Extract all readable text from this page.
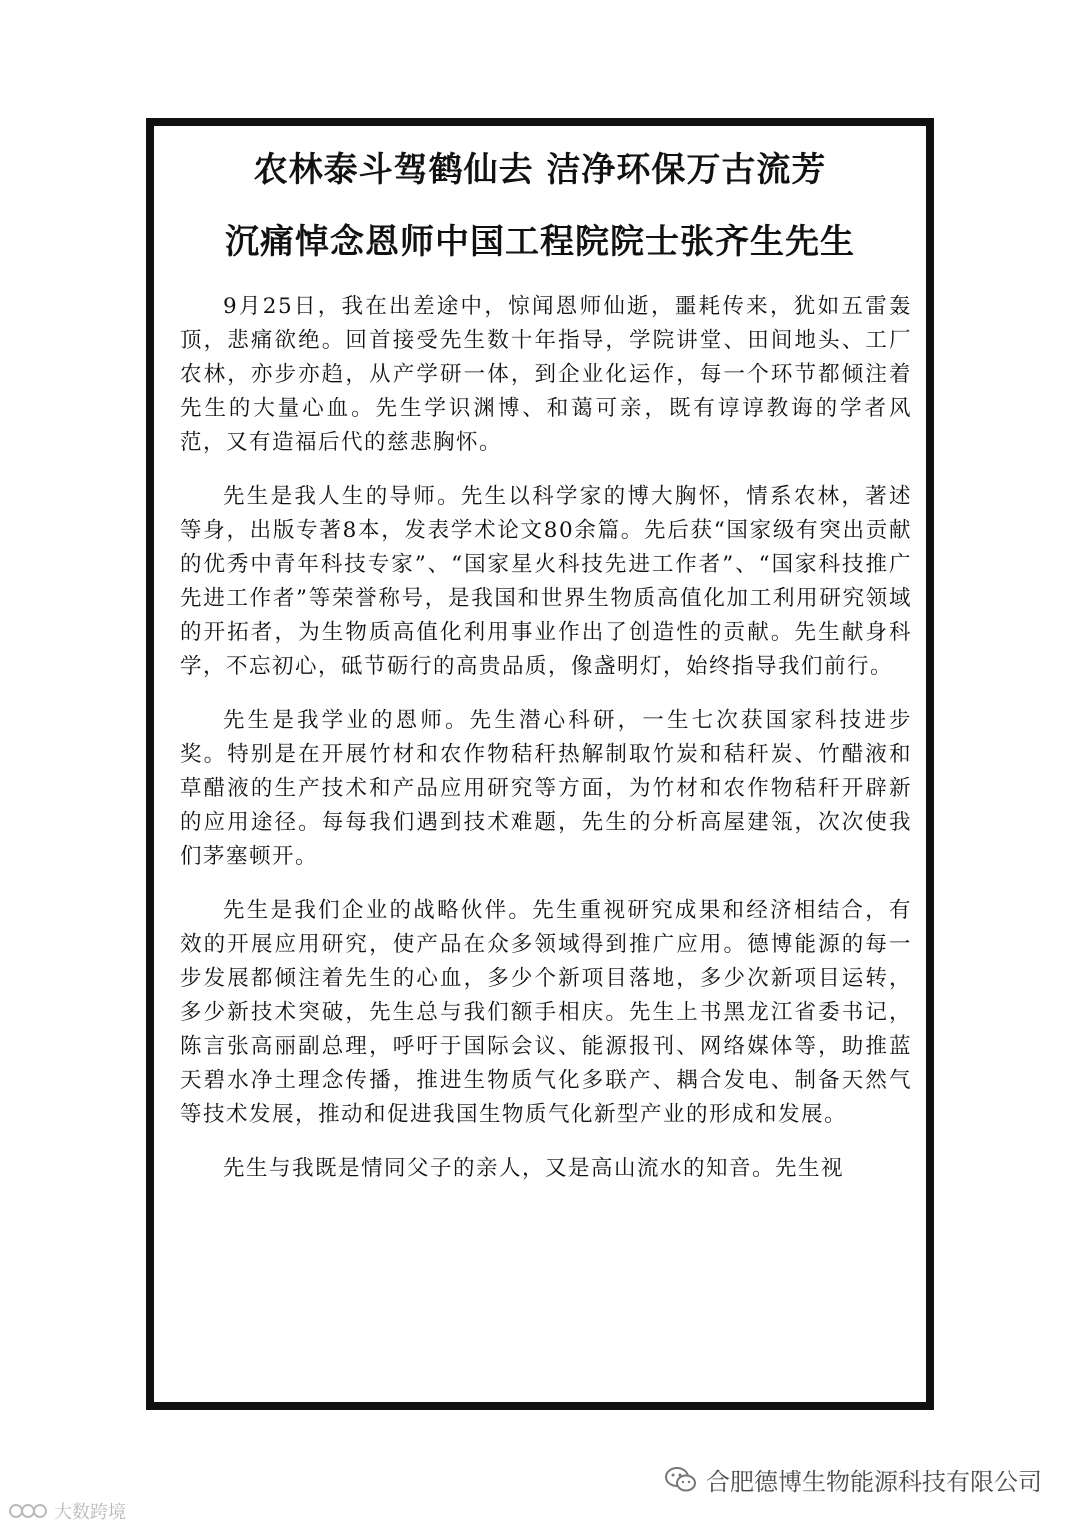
农林泰斗驾鹤仙去 洁净环保万古流芳
沉痛悼念恩师中国工程院院士张齐生先生

9月25日，我在出差途中，惊闻恩师仙逝，噩耗传来，犹如五雷轰顶，悲痛欲绝。回首接受先生数十年指导，学院讲堂、田间地头、工厂农林，亦步亦趋，从产学研一体，到企业化运作，每一个环节都倾注着先生的大量心血。先生学识渊博、和蔼可亲，既有谆谆教诲的学者风范，又有造福后代的慈悲胸怀。

先生是我人生的导师。先生以科学家的博大胸怀，情系农林，著述等身，出版专著8本，发表学术论文80余篇。先后获“国家级有突出贡献的优秀中青年科技专家”、“国家星火科技先进工作者”、“国家科技推广先进工作者”等荣誉称号，是我国和世界生物质高值化加工利用研究领域的开拓者，为生物质高值化利用事业作出了创造性的贡献。先生献身科学，不忘初心，砥节砺行的高贵品质，像盏明灯，始终指导我们前行。

先生是我学业的恩师。先生潜心科研，一生七次获国家科技进步奖。特别是在开展竹材和农作物秸秆热解制取竹炭和秸秆炭、竹醋液和草醋液的生产技术和产品应用研究等方面，为竹材和农作物秸秆开辟新的应用途径。每每我们遇到技术难题，先生的分析高屋建瓴，次次使我们茅塞顿开。

先生是我们企业的战略伙伴。先生重视研究成果和经济相结合，有效的开展应用研究，使产品在众多领域得到推广应用。德博能源的每一步发展都倾注着先生的心血，多少个新项目落地，多少次新项目运转，多少新技术突破，先生总与我们额手相庆。先生上书黑龙江省委书记，陈言张高丽副总理，呼吁于国际会议、能源报刊、网络媒体等，助推蓝天碧水净土理念传播，推进生物质气化多联产、耦合发电、制备天然气等技术发展，推动和促进我国生物质气化新型产业的形成和发展。

先生与我既是情同父子的亲人，又是高山流水的知音。先生视

合肥德博生物能源科技有限公司
大数跨境
